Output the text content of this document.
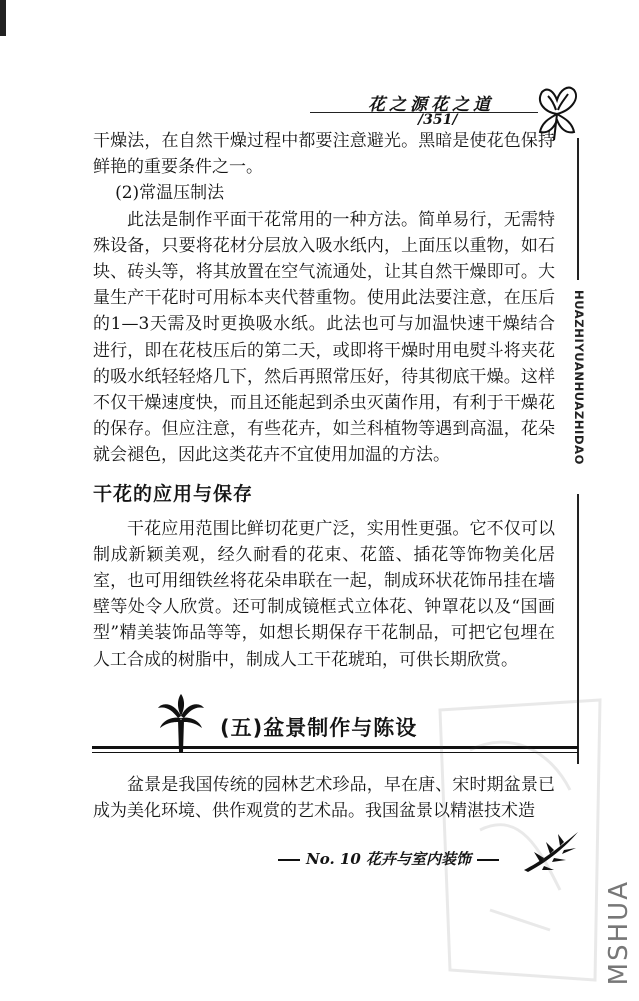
花之源花之道
/351/
HUAZHIYUANHUAZHIDAO

干燥法，在自然干燥过程中都要注意避光。黑暗是使花色保持鲜艳的重要条件之一。

(2)常温压制法

此法是制作平面干花常用的一种方法。简单易行，无需特殊设备，只要将花材分层放入吸水纸内，上面压以重物，如石块、砖头等，将其放置在空气流通处，让其自然干燥即可。大量生产干花时可用标本夹代替重物。使用此法要注意，在压后的1—3天需及时更换吸水纸。此法也可与加温快速干燥结合进行，即在花枝压后的第二天，或即将干燥时用电熨斗将夹花的吸水纸轻轻烙几下，然后再照常压好，待其彻底干燥。这样不仅干燥速度快，而且还能起到杀虫灭菌作用，有利于干燥花的保存。但应注意，有些花卉，如兰科植物等遇到高温，花朵就会褪色，因此这类花卉不宜使用加温的方法。

干花的应用与保存

干花应用范围比鲜切花更广泛，实用性更强。它不仅可以制成新颖美观，经久耐看的花束、花篮、插花等饰物美化居室，也可用细铁丝将花朵串联在一起，制成环状花饰吊挂在墙壁等处令人欣赏。还可制成镜框式立体花、钟罩花以及“国画型”精美装饰品等等，如想长期保存干花制品，可把它包埋在人工合成的树脂中，制成人工干花琥珀，可供长期欣赏。

(五)盆景制作与陈设

盆景是我国传统的园林艺术珍品，早在唐、宋时期盆景已成为美化环境、供作观赏的艺术品。我国盆景以精湛技术造

No. 10 花卉与室内装饰
MSHUA
